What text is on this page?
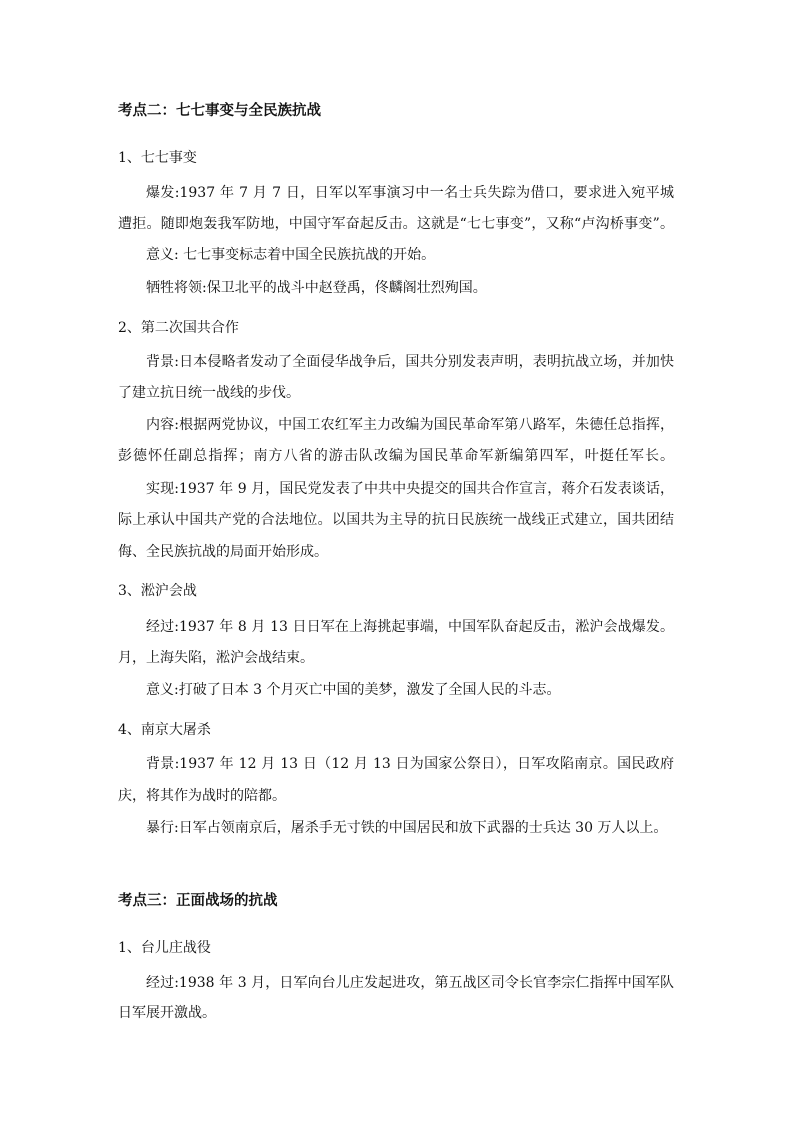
考点二：七七事变与全民族抗战

1、七七事变

爆发:1937 年 7 月 7 日，日军以军事演习中一名士兵失踪为借口，要求进入宛平城

遭拒。随即炮轰我军防地，中国守军奋起反击。这就是“七七事变”，又称“卢沟桥事变”。

意义: 七七事变标志着中国全民族抗战的开始。

牺牲将领:保卫北平的战斗中赵登禹，佟麟阁壮烈殉国。

2、第二次国共合作

背景:日本侵略者发动了全面侵华战争后，国共分别发表声明，表明抗战立场，并加快

了建立抗日统一战线的步伐。

内容:根据两党协议，中国工农红军主力改编为国民革命军第八路军，朱德任总指挥，

彭德怀任副总指挥；南方八省的游击队改编为国民革命军新编第四军，叶挺任军长。

实现:1937 年 9 月，国民党发表了中共中央提交的国共合作宣言，蒋介石发表谈话，

际上承认中国共产党的合法地位。以国共为主导的抗日民族统一战线正式建立，国共团结

侮、全民族抗战的局面开始形成。

3、淞沪会战

经过:1937 年 8 月 13 日日军在上海挑起事端，中国军队奋起反击，淞沪会战爆发。

月，上海失陷，淞沪会战结束。

意义:打破了日本 3 个月灭亡中国的美梦，激发了全国人民的斗志。

4、南京大屠杀

背景:1937 年 12 月 13 日（12 月 13 日为国家公祭日），日军攻陷南京。国民政府

庆，将其作为战时的陪都。

暴行:日军占领南京后，屠杀手无寸铁的中国居民和放下武器的士兵达 30 万人以上。

考点三：正面战场的抗战

1、台儿庄战役

经过:1938 年 3 月，日军向台儿庄发起进攻，第五战区司令长官李宗仁指挥中国军队

日军展开激战。
